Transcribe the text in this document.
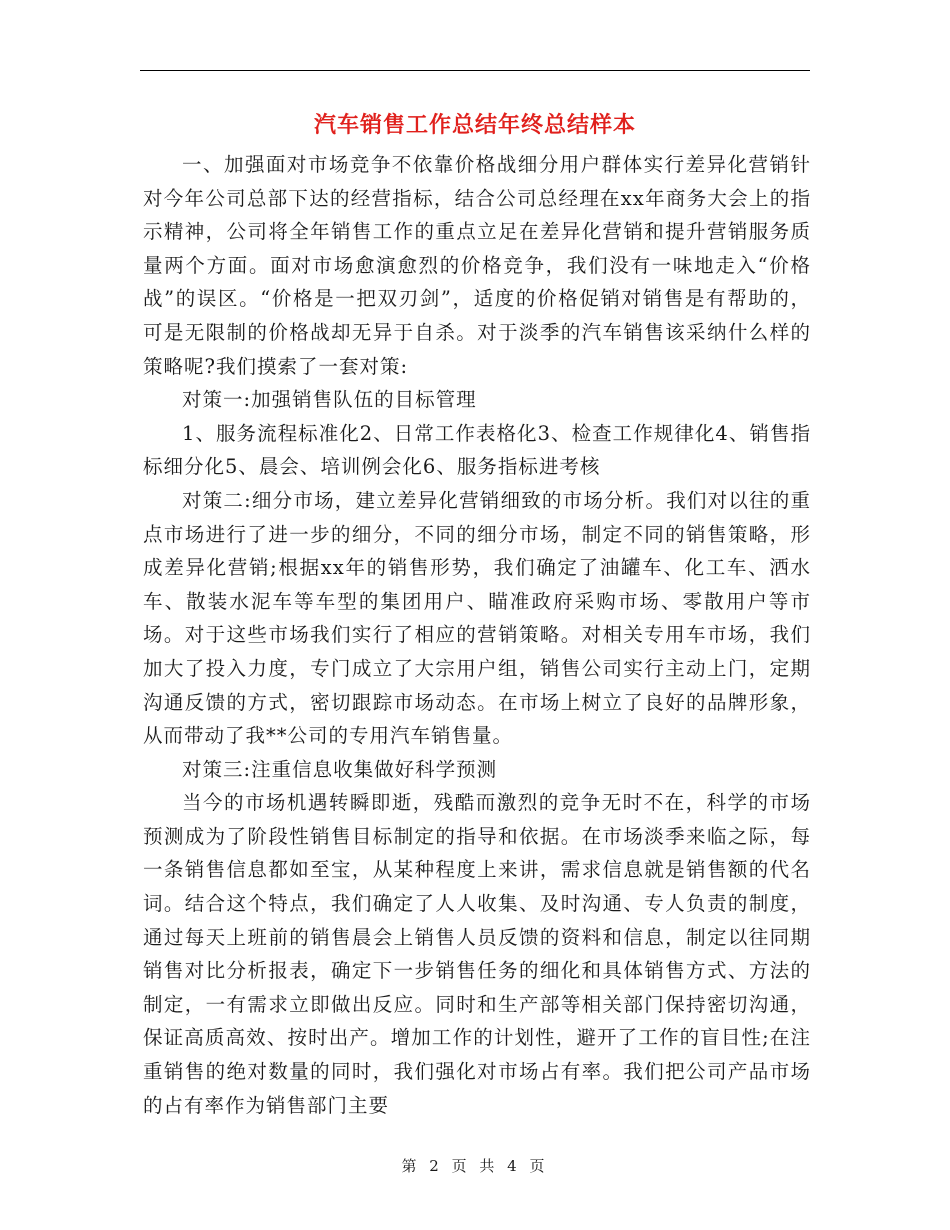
汽车销售工作总结年终总结样本

一、加强面对市场竞争不依靠价格战细分用户群体实行差异化营销针对今年公司总部下达的经营指标，结合公司总经理在xx年商务大会上的指示精神，公司将全年销售工作的重点立足在差异化营销和提升营销服务质量两个方面。面对市场愈演愈烈的价格竞争，我们没有一味地走入“价格战”的误区。“价格是一把双刃剑”，适度的价格促销对销售是有帮助的，可是无限制的价格战却无异于自杀。对于淡季的汽车销售该采纳什么样的策略呢?我们摸索了一套对策:

对策一:加强销售队伍的目标管理

1、服务流程标准化2、日常工作表格化3、检查工作规律化4、销售指标细分化5、晨会、培训例会化6、服务指标进考核

对策二:细分市场，建立差异化营销细致的市场分析。我们对以往的重点市场进行了进一步的细分，不同的细分市场，制定不同的销售策略，形成差异化营销;根据xx年的销售形势，我们确定了油罐车、化工车、洒水车、散装水泥车等车型的集团用户、瞄准政府采购市场、零散用户等市场。对于这些市场我们实行了相应的营销策略。对相关专用车市场，我们加大了投入力度，专门成立了大宗用户组，销售公司实行主动上门，定期沟通反馈的方式，密切跟踪市场动态。在市场上树立了良好的品牌形象，从而带动了我**公司的专用汽车销售量。

对策三:注重信息收集做好科学预测

当今的市场机遇转瞬即逝，残酷而激烈的竞争无时不在，科学的市场预测成为了阶段性销售目标制定的指导和依据。在市场淡季来临之际，每一条销售信息都如至宝，从某种程度上来讲，需求信息就是销售额的代名词。结合这个特点，我们确定了人人收集、及时沟通、专人负责的制度，通过每天上班前的销售晨会上销售人员反馈的资料和信息，制定以往同期销售对比分析报表，确定下一步销售任务的细化和具体销售方式、方法的制定，一有需求立即做出反应。同时和生产部等相关部门保持密切沟通，保证高质高效、按时出产。增加工作的计划性，避开了工作的盲目性;在注重销售的绝对数量的同时，我们强化对市场占有率。我们把公司产品市场的占有率作为销售部门主要

第 2 页 共 4 页
